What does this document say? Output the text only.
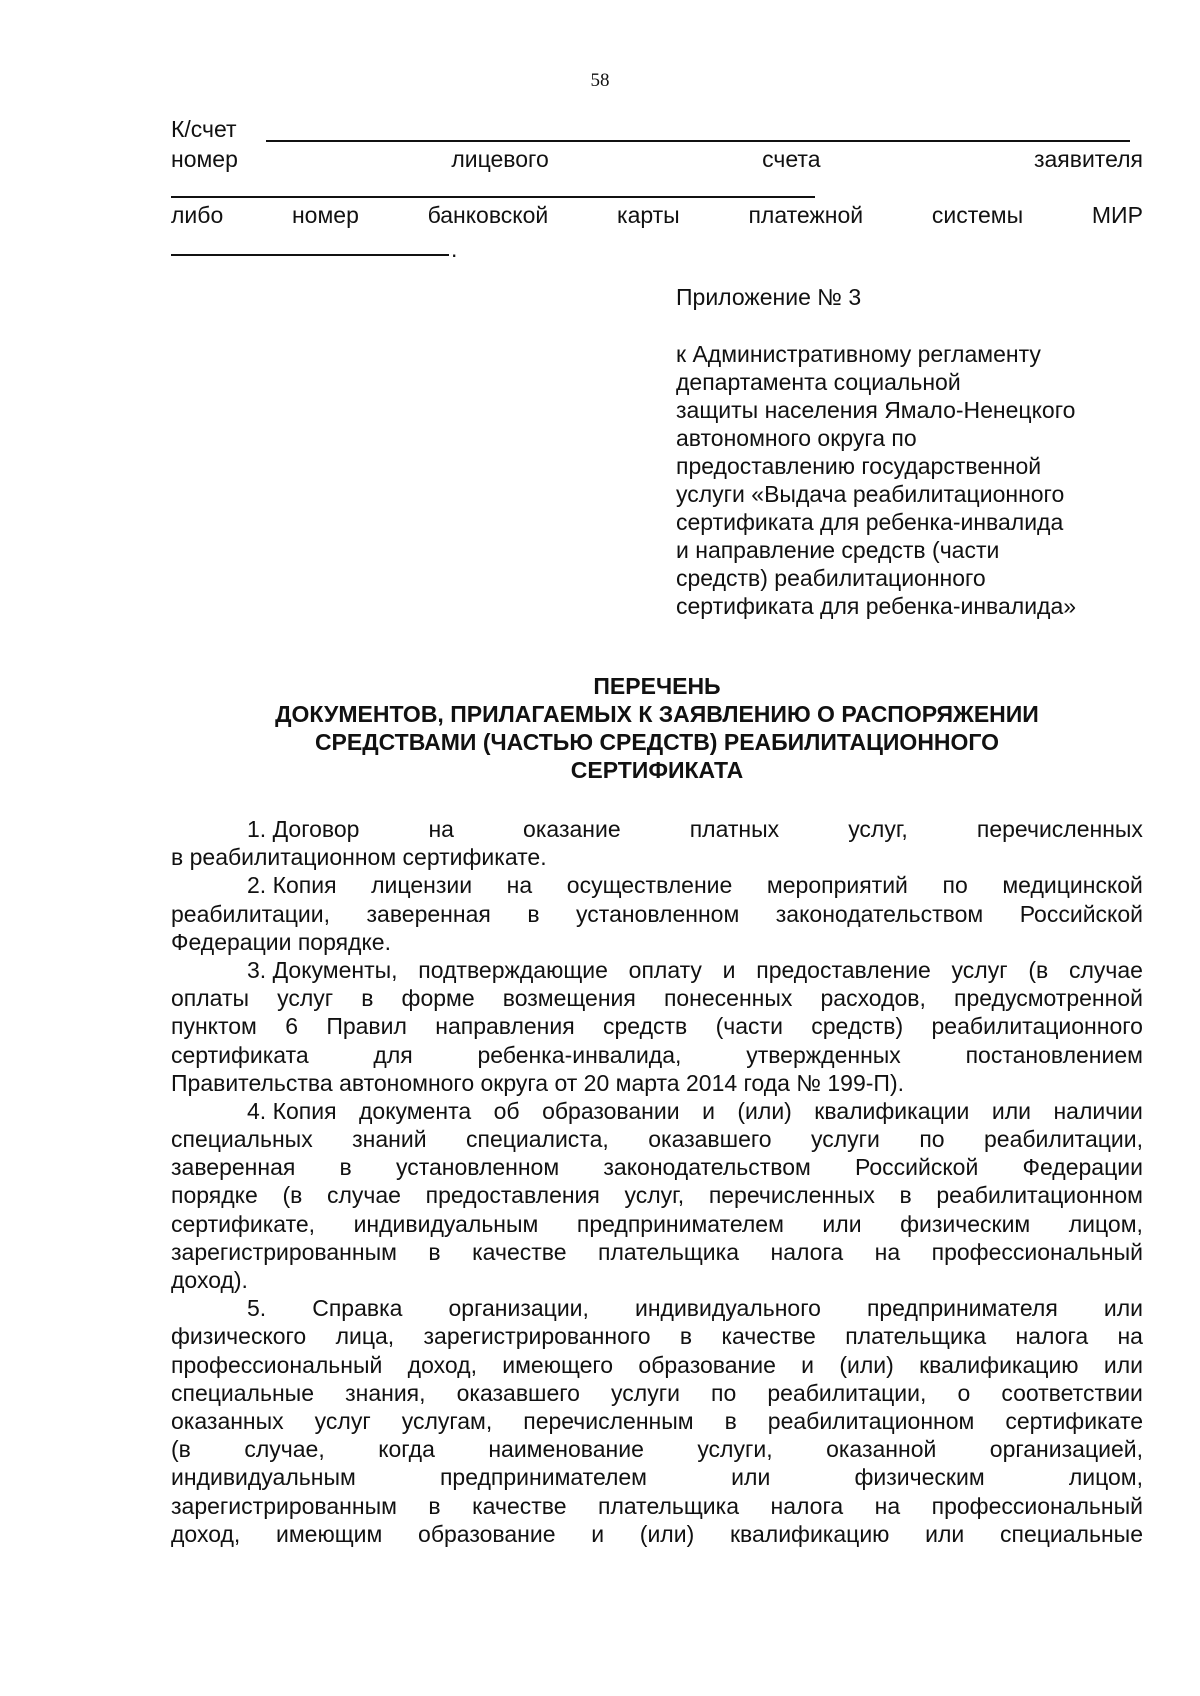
58
К/счет
номер	лицевого	счета	заявителя
либо	номер	банковской	карты	платежной	системы	МИР
.
Приложение № 3
к Административному регламенту
департамента социальной
защиты населения Ямало-Ненецкого
автономного округа по
предоставлению государственной
услуги «Выдача реабилитационного
сертификата для ребенка-инвалида
и направление средств (части
средств) реабилитационного
сертификата для ребенка-инвалида»
ПЕРЕЧЕНЬ
ДОКУМЕНТОВ, ПРИЛАГАЕМЫХ К ЗАЯВЛЕНИЮ О РАСПОРЯЖЕНИИ
СРЕДСТВАМИ (ЧАСТЬЮ СРЕДСТВ) РЕАБИЛИТАЦИОННОГО
СЕРТИФИКАТА
1. Договор	на	оказание	платных	услуг,	перечисленных
в реабилитационном сертификате.
2. Копия лицензии на осуществление мероприятий по медицинской
реабилитации, заверенная в установленном законодательством Российской
Федерации порядке.
3. Документы, подтверждающие оплату и предоставление услуг (в случае
оплаты услуг в форме возмещения понесенных расходов, предусмотренной
пунктом 6 Правил направления средств (части средств) реабилитационного
сертификата	для	ребенка-инвалида,	утвержденных	постановлением
Правительства автономного округа от 20 марта 2014 года № 199-П).
4. Копия документа об образовании и (или) квалификации или наличии
специальных знаний специалиста, оказавшего услуги по реабилитации,
заверенная в установленном законодательством Российской Федерации
порядке (в случае предоставления услуг, перечисленных в реабилитационном
сертификате, индивидуальным предпринимателем или физическим лицом,
зарегистрированным в качестве плательщика налога на профессиональный
доход).
5. Справка организации, индивидуального предпринимателя или
физического лица, зарегистрированного в качестве плательщика налога на
профессиональный доход, имеющего образование и (или) квалификацию или
специальные знания, оказавшего услуги по реабилитации, о соответствии
оказанных услуг услугам, перечисленным в реабилитационном сертификате
(в случае, когда наименование услуги, оказанной организацией,
индивидуальным	предпринимателем	или	физическим	лицом,
зарегистрированным в качестве плательщика налога на профессиональный
доход, имеющим образование и (или) квалификацию или специальные
